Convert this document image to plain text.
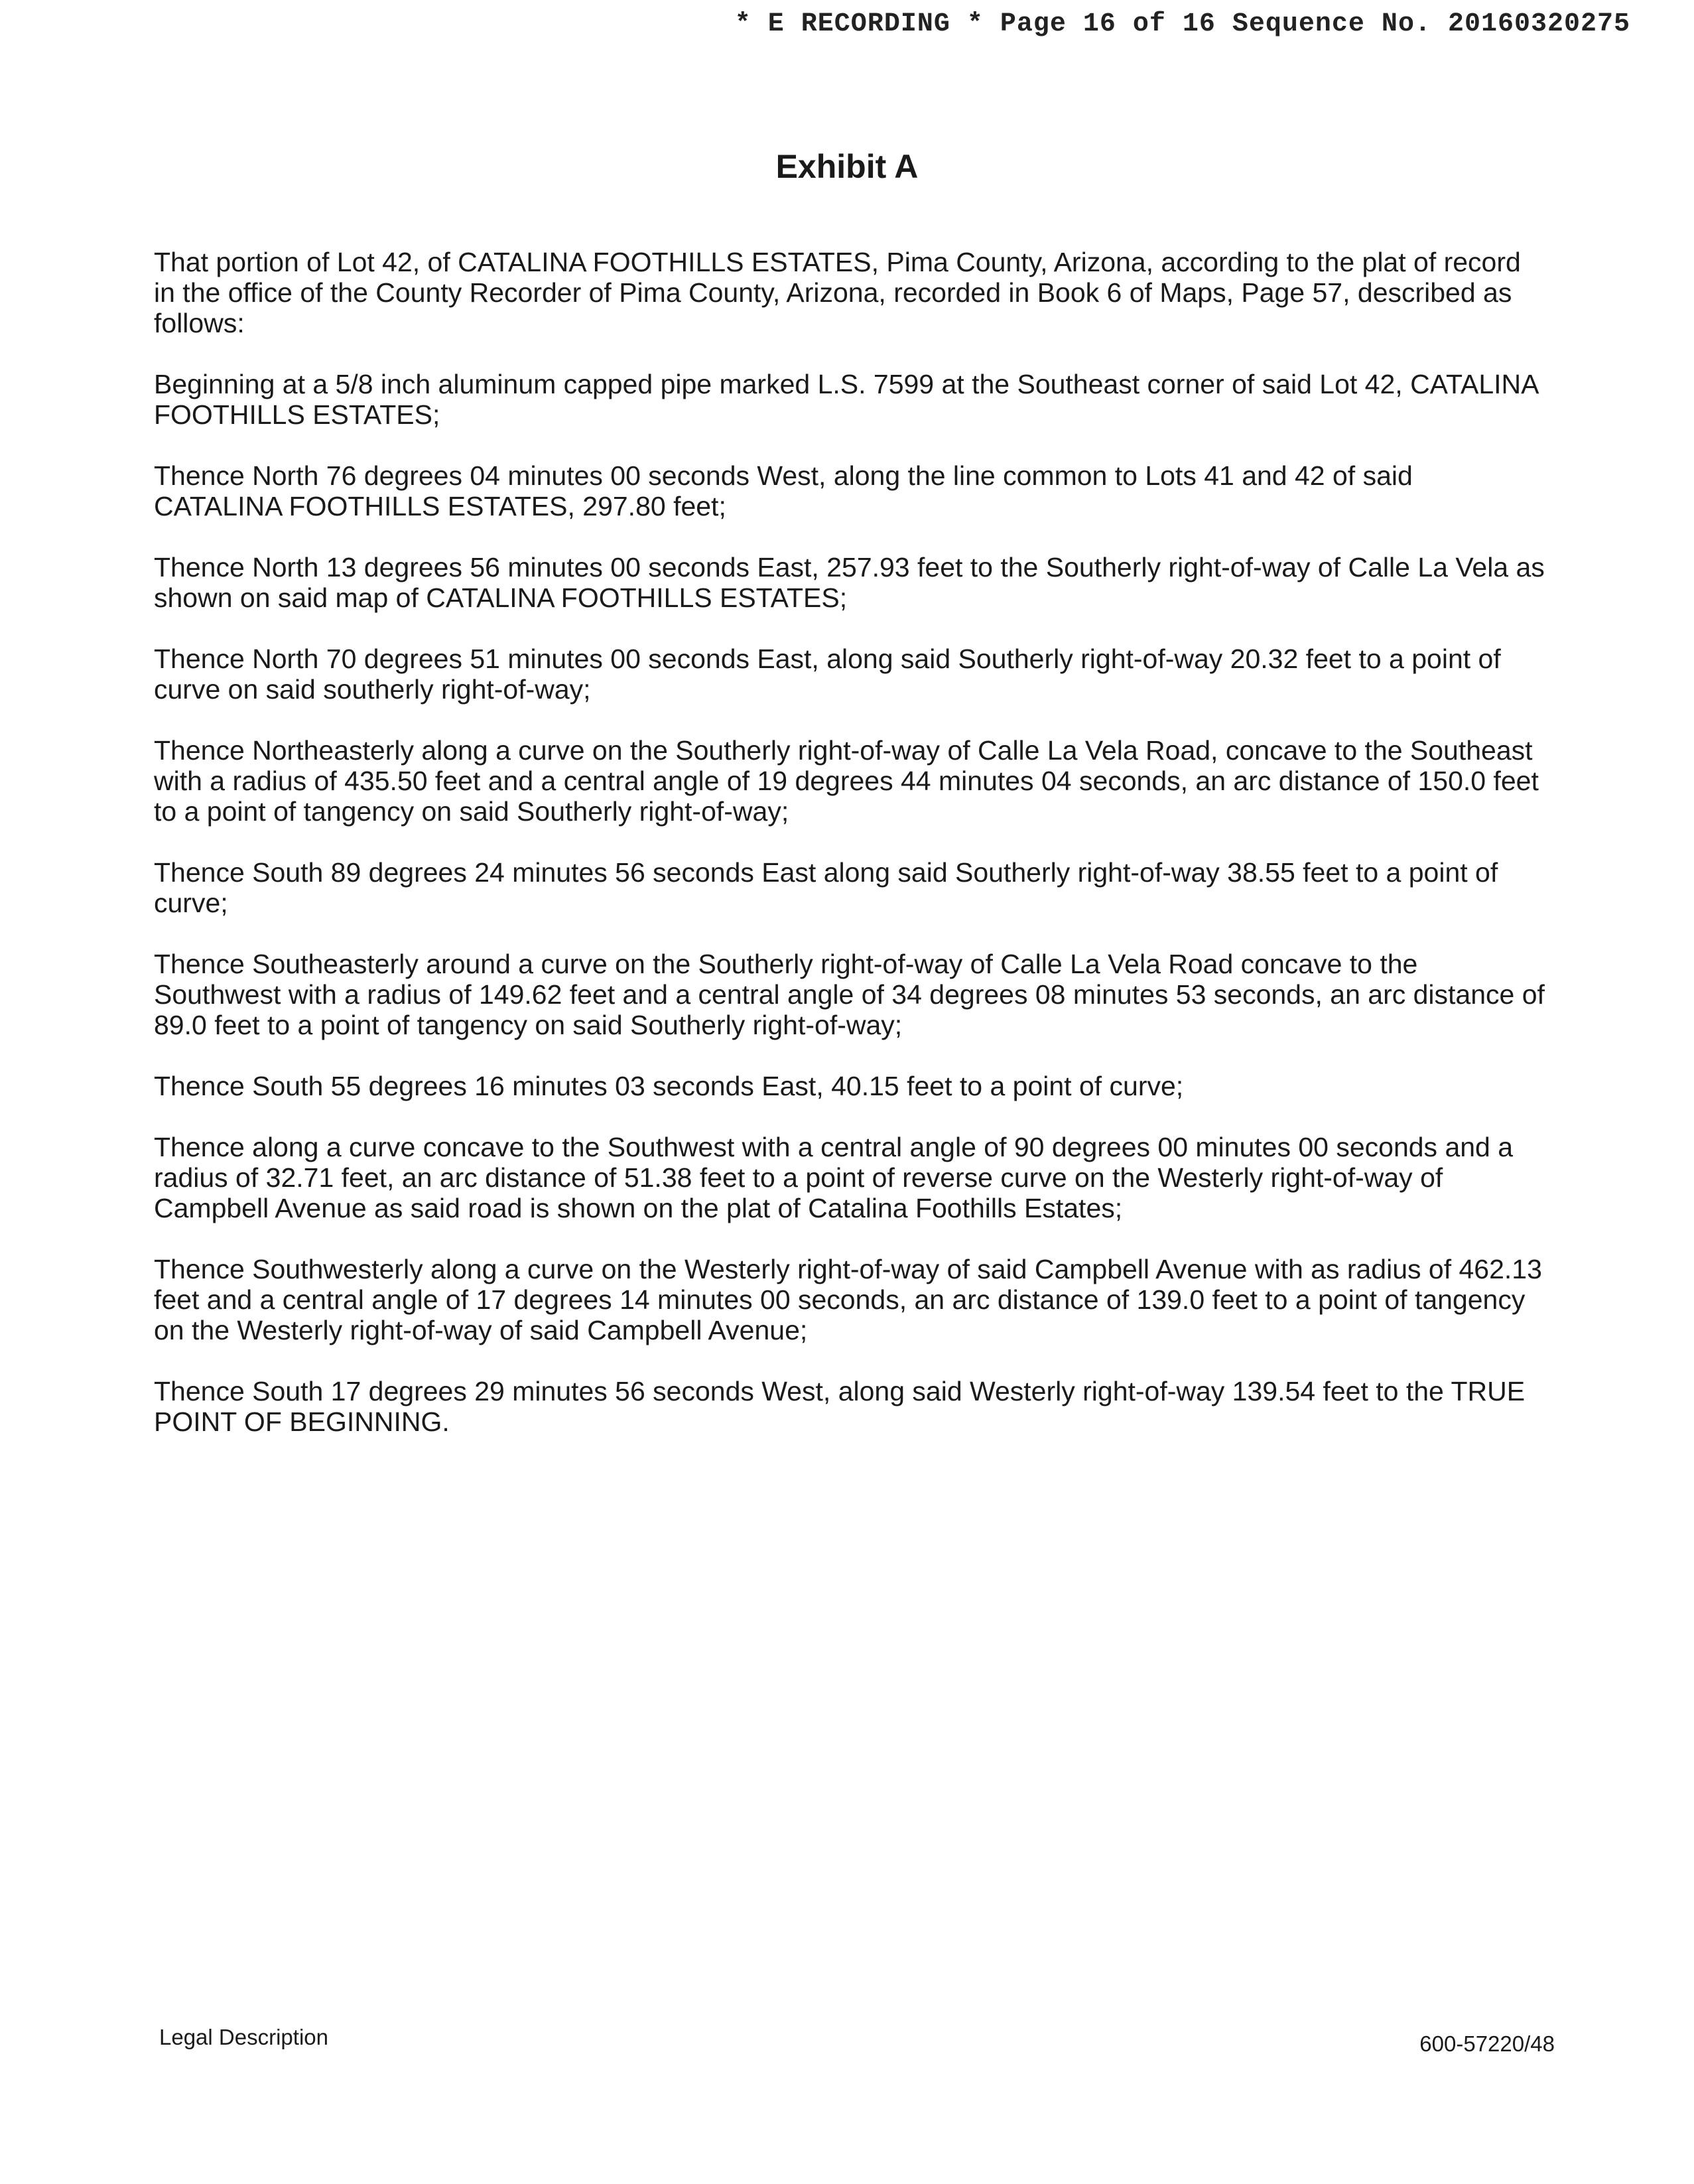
* E RECORDING * Page 16 of 16 Sequence No. 20160320275
Exhibit A

That portion of Lot 42, of CATALINA FOOTHILLS ESTATES, Pima County, Arizona, according to the plat of record in the office of the County Recorder of Pima County, Arizona, recorded in Book 6 of Maps, Page 57, described as follows:

Beginning at a 5/8 inch aluminum capped pipe marked L.S. 7599 at the Southeast corner of said Lot 42, CATALINA FOOTHILLS ESTATES;

Thence North 76 degrees 04 minutes 00 seconds West, along the line common to Lots 41 and 42 of said CATALINA FOOTHILLS ESTATES, 297.80 feet;

Thence North 13 degrees 56 minutes 00 seconds East, 257.93 feet to the Southerly right-of-way of Calle La Vela as shown on said map of CATALINA FOOTHILLS ESTATES;

Thence North 70 degrees 51 minutes 00 seconds East, along said Southerly right-of-way 20.32 feet to a point of curve on said southerly right-of-way;

Thence Northeasterly along a curve on the Southerly right-of-way of Calle La Vela Road, concave to the Southeast with a radius of 435.50 feet and a central angle of 19 degrees 44 minutes 04 seconds, an arc distance of 150.0 feet to a point of tangency on said Southerly right-of-way;

Thence South 89 degrees 24 minutes 56 seconds East along said Southerly right-of-way 38.55 feet to a point of curve;

Thence Southeasterly around a curve on the Southerly right-of-way of Calle La Vela Road concave to the Southwest with a radius of 149.62 feet and a central angle of 34 degrees 08 minutes 53 seconds, an arc distance of 89.0 feet to a point of tangency on said Southerly right-of-way;

Thence South 55 degrees 16 minutes 03 seconds East, 40.15 feet to a point of curve;

Thence along a curve concave to the Southwest with a central angle of 90 degrees 00 minutes 00 seconds and a radius of 32.71 feet, an arc distance of 51.38 feet to a point of reverse curve on the Westerly right-of-way of Campbell Avenue as said road is shown on the plat of Catalina Foothills Estates;

Thence Southwesterly along a curve on the Westerly right-of-way of said Campbell Avenue with as radius of 462.13 feet and a central angle of 17 degrees 14 minutes 00 seconds, an arc distance of 139.0 feet to a point of tangency on the Westerly right-of-way of said Campbell Avenue;

Thence South 17 degrees 29 minutes 56 seconds West, along said Westerly right-of-way 139.54 feet to the TRUE POINT OF BEGINNING.

Legal Description	600-57220/48
